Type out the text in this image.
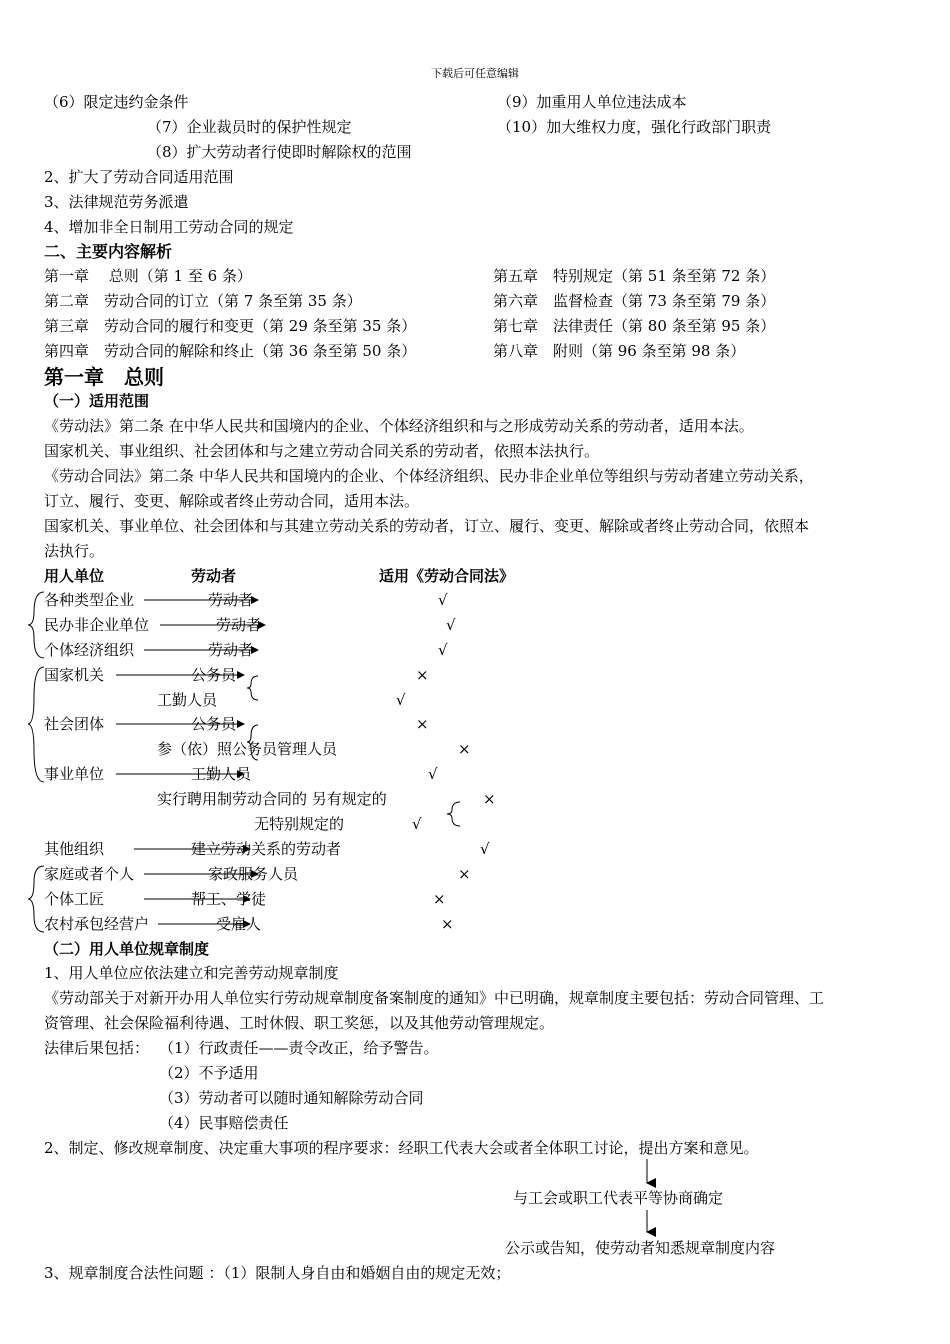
下载后可任意编辑
（6）限定违约金条件	（9）加重用人单位违法成本
（7）企业裁员时的保护性规定	（10）加大维权力度，强化行政部门职责
（8）扩大劳动者行使即时解除权的范围
2、扩大了劳动合同适用范围
3、法律规范劳务派遣
4、增加非全日制用工劳动合同的规定
二、主要内容解析
第一章　 总则（第 1 至 6 条）
第二章　劳动合同的订立（第 7 条至第 35 条）
第三章　劳动合同的履行和变更（第 29 条至第 35 条）
第四章　劳动合同的解除和终止（第 36 条至第 50 条）
第五章　特别规定（第 51 条至第 72 条）
第六章　监督检查（第 73 条至第 79 条）
第七章　法律责任（第 80 条至第 95 条）
第八章　附则（第 96 条至第 98 条）
第一章　总则
（一）适用范围
《劳动法》第二条 在中华人民共和国境内的企业、个体经济组织和与之形成劳动关系的劳动者，适用本法。
国家机关、事业组织、社会团体和与之建立劳动合同关系的劳动者，依照本法执行。
《劳动合同法》第二条 中华人民共和国境内的企业、个体经济组织、民办非企业单位等组织与劳动者建立劳动关系，
订立、履行、变更、解除或者终止劳动合同，适用本法。
国家机关、事业单位、社会团体和与其建立劳动关系的劳动者，订立、履行、变更、解除或者终止劳动合同，依照本
法执行。
用人单位	劳动者	适用《劳动合同法》
各种类型企业	劳动者	√
民办非企业单位	劳动者	√
个体经济组织	劳动者	√
国家机关	公务员	×
工勤人员	√
社会团体	公务员	×
参（依）照公务员管理人员	×
事业单位	工勤人员	√
实行聘用制劳动合同的 另有规定的	×
无特别规定的	√
其他组织	建立劳动关系的劳动者	√
家庭或者个人	家政服务人员	×
个体工匠	帮工、学徒	×
农村承包经营户	受雇人	×
（二）用人单位规章制度
1、用人单位应依法建立和完善劳动规章制度
《劳动部关于对新开办用人单位实行劳动规章制度备案制度的通知》中已明确，规章制度主要包括：劳动合同管理、工
资管理、社会保险福利待遇、工时休假、职工奖惩，以及其他劳动管理规定。
法律后果包括： （1）行政责任——责令改正，给予警告。
（2）不予适用
（3）劳动者可以随时通知解除劳动合同
（4）民事赔偿责任
2、制定、修改规章制度、决定重大事项的程序要求：经职工代表大会或者全体职工讨论，提出方案和意见。
与工会或职工代表平等协商确定
公示或告知，使劳动者知悉规章制度内容
3、规章制度合法性问题 ：（1）限制人身自由和婚姻自由的规定无效；
